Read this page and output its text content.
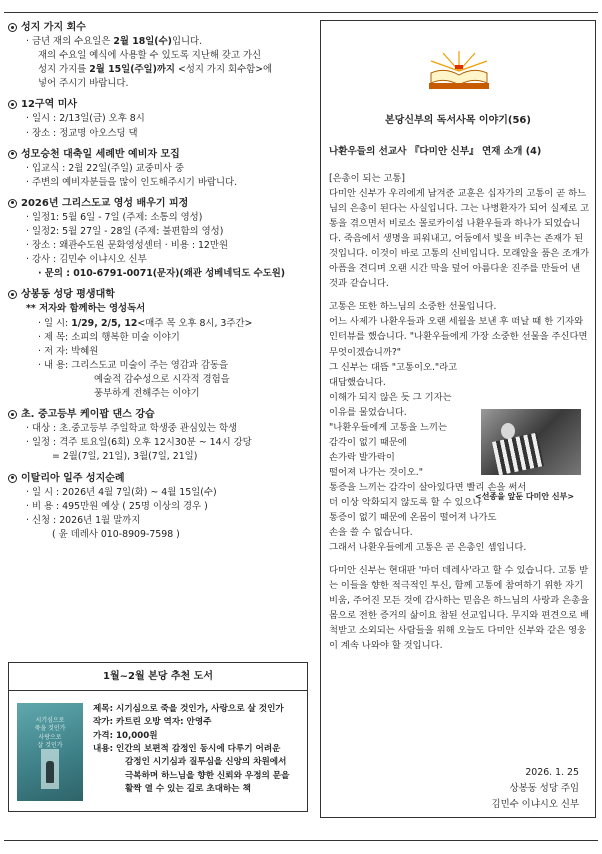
성지 가지 회수
· 금년 재의 수요일은 2월 18일(수)입니다.
재의 수요일 예식에 사용할 수 있도록 지난해 갖고 가신
성지 가지를 2월 15일(주일)까지 <성지 가지 회수함>에
넣어 주시기 바랍니다.
12구역 미사
· 일시 : 2/13일(금) 오후 8시
· 장소 : 정교명 아오스딩 댁
성모승천 대축일 세례반 예비자 모집
· 입교식 : 2월 22일(주일) 교중미사 중
· 주변의 예비자분들을 많이 인도해주시기 바랍니다.
2026년 그리스도교 영성 배우기 피정
· 일정1: 5월 6일 - 7일 (주제: 소통의 영성)
· 일정2: 5월 27일 - 28일 (주제: 불편함의 영성)
· 장소 : 왜관수도원 문화영성센터 · 비용 : 12만원
· 강사 : 김민수 이냐시오 신부
· 문의 : 010-6791-0071(문자)(왜관 성베네딕도 수도원)
상봉동 성당 평생대학
** 저자와 함께하는 영성독서
· 일 시: 1/29, 2/5, 12<매주 목 오후 8시, 3주간>
· 제 목: 소피의 행복한 미술 이야기
· 저 자: 박혜원
· 내 용: 그리스도교 미술이 주는 영감과 감동을
예술적 감수성으로 시각적 경험을
풍부하게 전해주는 이야기
초. 중고등부 케이팝 댄스 강습
· 대상 : 초.중고등부 주일학교 학생중 관심있는 학생
· 일정 : 격주 토요일(6회) 오후 12시30분 ~ 14시 강당
= 2월(7일, 21일), 3월(7일, 21일)
이탈리아 일주 성지순례
· 일 시 : 2026년 4월 7일(화) ~ 4월 15일(수)
· 비 용 : 495만원 예상 ( 25명 이상의 경우 )
· 신청 : 2026년 1월 말까지
( 윤 데레사 010-8909-7598 )
1월~2월 본당 추천 도서
시기심으로
죽을 것인가
사랑으로
살 것인가
제목: 시기심으로 죽을 것인가, 사랑으로 살 것인가
작가: 카트린 오방 역자: 안영주
가격: 10,000원
내용: 인간의 보편적 감정인 동시에 다루기 어려운
감정인 시기심과 질투심을 신앙의 차원에서
극복하며 하느님을 향한 신뢰와 우정의 문을
활짝 열 수 있는 길로 초대하는 책
본당신부의 독서사목 이야기(56)
나환우들의 선교사 『다미안 신부』 연재 소개 (4)

[은총이 되는 고통]

다미안 신부가 우리에게 남겨준 교훈은 십자가의 고통이 곧 하느님의 은총이 된다는 사실입니다. 그는 나병환자가 되어 실제로 고통을 겪으면서 비로소 몰로카이섬 나환우들과 하나가 되었습니다. 죽음에서 생명을 피워내고, 어둠에서 빛을 비추는 존재가 된 것입니다. 이것이 바로 고통의 신비입니다. 모래알을 품은 조개가 아픔을 견디며 오랜 시간 막을 덮어 아름다운 진주를 만들어 낸 것과 같습니다.

고통은 또한 하느님의 소중한 선물입니다.

어느 사제가 나환우들과 오랜 세월을 보낸 후 떠날 때 한 기자와 인터뷰를 했습니다. "나환우들에게 가장 소중한 선물을 주신다면 무엇이겠습니까?"

그 신부는 대뜸 "고통이오."라고

대답했습니다.

이해가 되지 않은 듯 그 기자는

이유를 물었습니다.

"나환우들에게 고통을 느끼는

감각이 없기 때문에

손가락 발가락이

떨어져 나가는 것이오."

통증을 느끼는 감각이 살아있다면 빨리 손을 써서

더 이상 악화되지 않도록 할 수 있으나

통증이 없기 때문에 온몸이 떨어져 나가도

손을 쓸 수 없습니다.

그래서 나환우들에게 고통은 곧 은총인 셈입니다.

다미안 신부는 현대판 '마더 데레사'라고 할 수 있습니다. 고통 받는 이들을 향한 적극적인 투신, 함께 고통에 참여하기 위한 자기 비움, 주어진 모든 것에 감사하는 믿음은 하느님의 사랑과 은총을 몸으로 전한 증거의 삶이요 참된 선교입니다. 무지와 편견으로 배척받고 소외되는 사람들을 위해 오늘도 다미안 신부와 같은 영웅이 계속 나와야 할 것입니다.

<선종을 앞둔 다미안 신부>
2026. 1. 25
상봉동 성당 주임
김민수 이냐시오 신부
